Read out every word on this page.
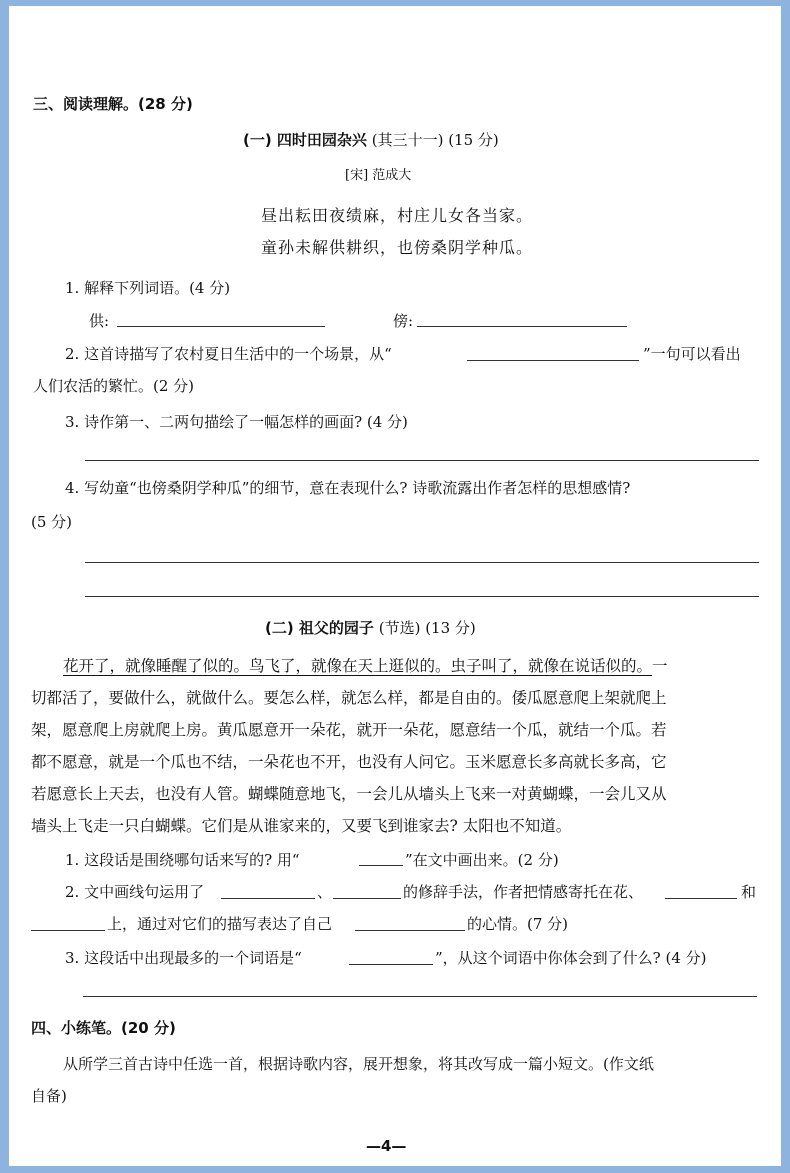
三、阅读理解。(28 分)
(一) 四时田园杂兴 (其三十一) (15 分)
[宋] 范成大
昼出耘田夜绩麻，村庄儿女各当家。
童孙未解供耕织，也傍桑阴学种瓜。
1. 解释下列词语。(4 分)
供:	傍:
2. 这首诗描写了农村夏日生活中的一个场景，从“	”一句可以看出
人们农活的繁忙。(2 分)
3. 诗作第一、二两句描绘了一幅怎样的画面? (4 分)
4. 写幼童“也傍桑阴学种瓜”的细节，意在表现什么? 诗歌流露出作者怎样的思想感情?
(5 分)
(二) 祖父的园子 (节选) (13 分)
花开了，就像睡醒了似的。鸟飞了，就像在天上逛似的。虫子叫了，就像在说话似的。一
切都活了，要做什么，就做什么。要怎么样，就怎么样，都是自由的。倭瓜愿意爬上架就爬上
架，愿意爬上房就爬上房。黄瓜愿意开一朵花，就开一朵花，愿意结一个瓜，就结一个瓜。若
都不愿意，就是一个瓜也不结，一朵花也不开，也没有人问它。玉米愿意长多高就长多高，它
若愿意长上天去，也没有人管。蝴蝶随意地飞，一会儿从墙头上飞来一对黄蝴蝶，一会儿又从
墙头上飞走一只白蝴蝶。它们是从谁家来的，又要飞到谁家去? 太阳也不知道。
1. 这段话是围绕哪句话来写的? 用“	”在文中画出来。(2 分)
2. 文中画线句运用了	、	的修辞手法，作者把情感寄托在花、	和
上，通过对它们的描写表达了自己	的心情。(7 分)
3. 这段话中出现最多的一个词语是“	”，从这个词语中你体会到了什么? (4 分)
四、小练笔。(20 分)
从所学三首古诗中任选一首，根据诗歌内容，展开想象，将其改写成一篇小短文。(作文纸
自备)
—4—
